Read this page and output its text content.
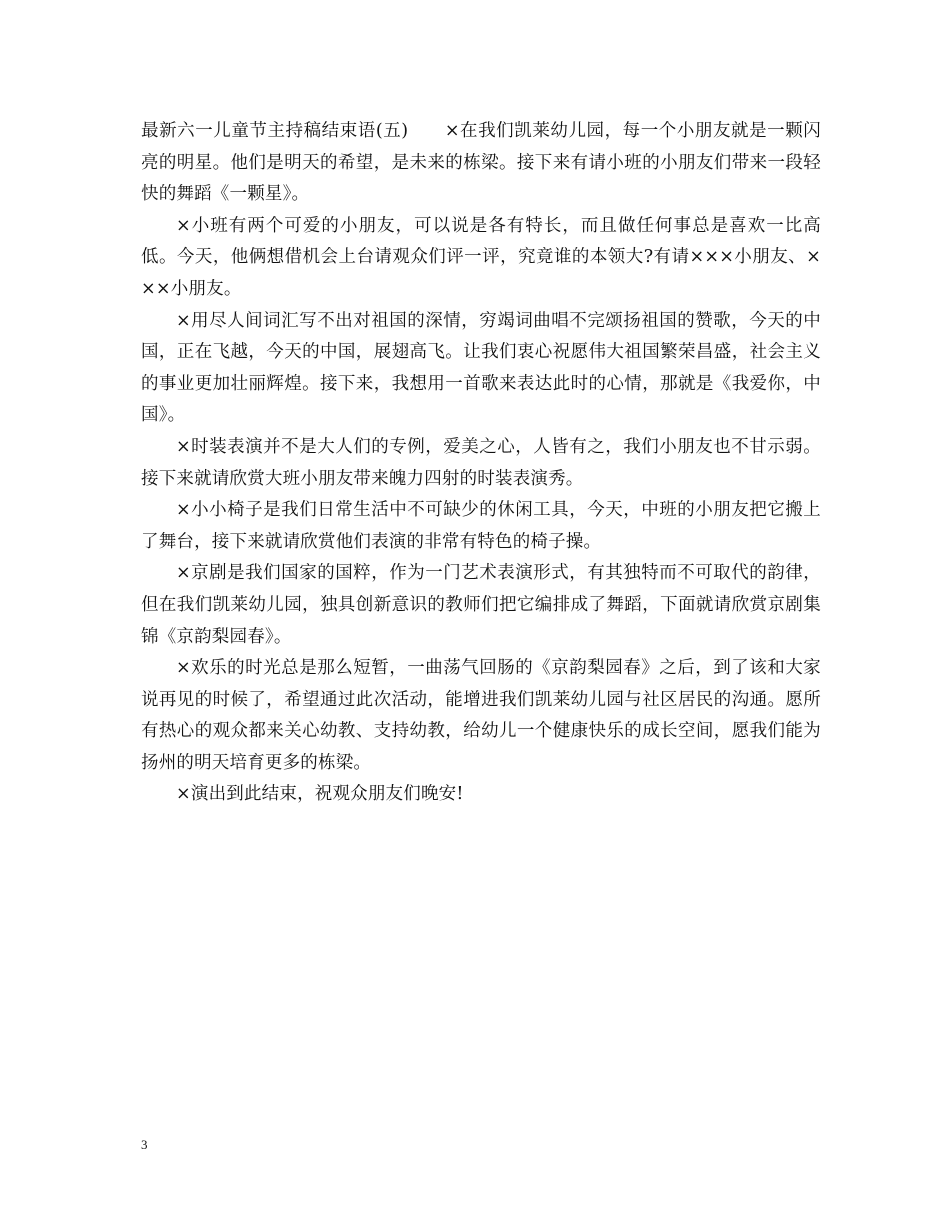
最新六一儿童节主持稿结束语(五)　　×在我们凯莱幼儿园，每一个小朋友就是一颗闪亮的明星。他们是明天的希望，是未来的栋梁。接下来有请小班的小朋友们带来一段轻快的舞蹈《一颗星》。

×小班有两个可爱的小朋友，可以说是各有特长，而且做任何事总是喜欢一比高低。今天，他俩想借机会上台请观众们评一评，究竟谁的本领大?有请×××小朋友、×××小朋友。

×用尽人间词汇写不出对祖国的深情，穷竭词曲唱不完颂扬祖国的赞歌，今天的中国，正在飞越，今天的中国，展翅高飞。让我们衷心祝愿伟大祖国繁荣昌盛，社会主义的事业更加壮丽辉煌。接下来，我想用一首歌来表达此时的心情，那就是《我爱你，中国》。

×时装表演并不是大人们的专例，爱美之心，人皆有之，我们小朋友也不甘示弱。接下来就请欣赏大班小朋友带来魄力四射的时装表演秀。

×小小椅子是我们日常生活中不可缺少的休闲工具，今天，中班的小朋友把它搬上了舞台，接下来就请欣赏他们表演的非常有特色的椅子操。

×京剧是我们国家的国粹，作为一门艺术表演形式，有其独特而不可取代的韵律，但在我们凯莱幼儿园，独具创新意识的教师们把它编排成了舞蹈，下面就请欣赏京剧集锦《京韵梨园春》。

×欢乐的时光总是那么短暂，一曲荡气回肠的《京韵梨园春》之后，到了该和大家说再见的时候了，希望通过此次活动，能增进我们凯莱幼儿园与社区居民的沟通。愿所有热心的观众都来关心幼教、支持幼教，给幼儿一个健康快乐的成长空间，愿我们能为扬州的明天培育更多的栋梁。

×演出到此结束，祝观众朋友们晚安!

3
